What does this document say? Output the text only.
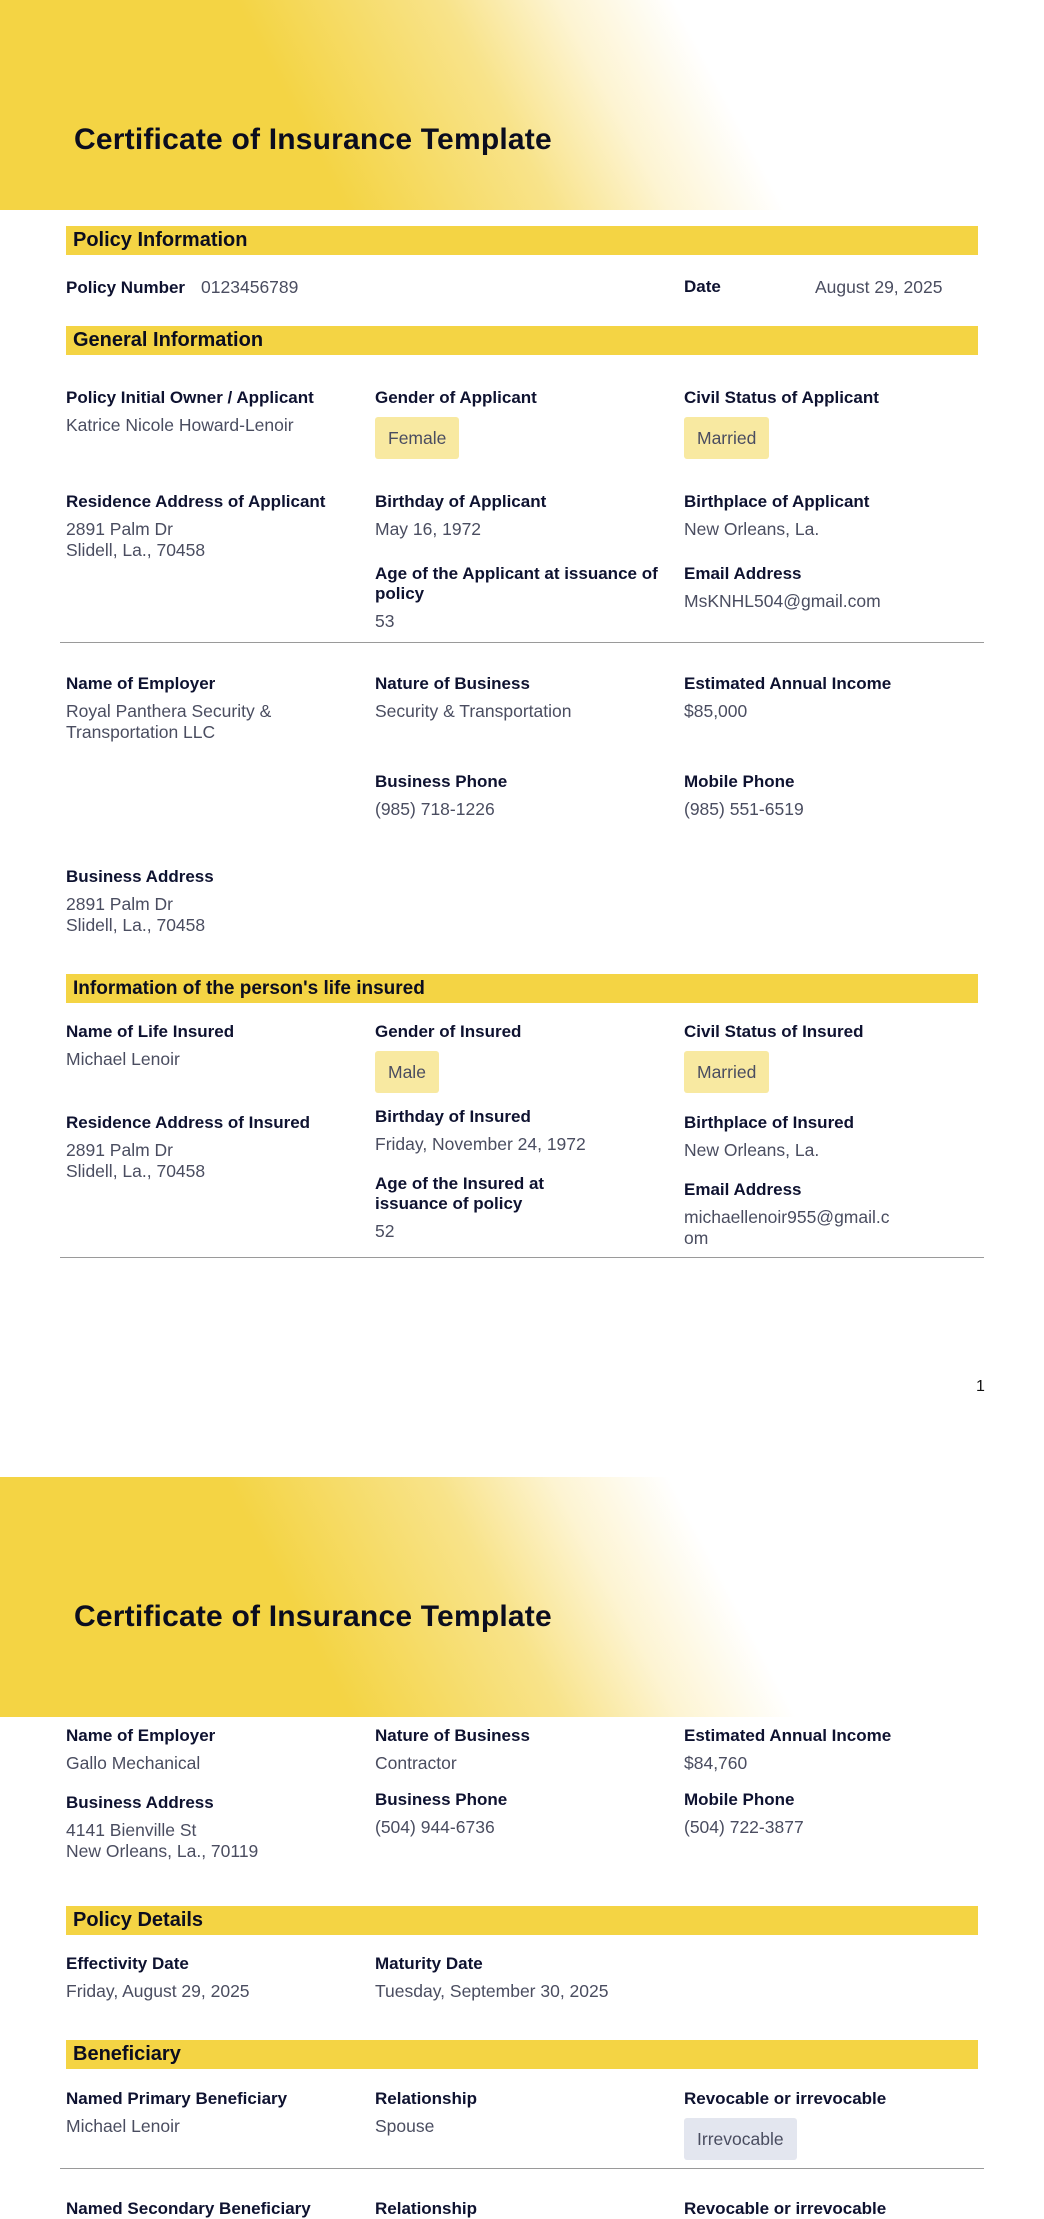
Certificate of Insurance Template
Policy Information
Policy Number 0123456789	Date	August 29, 2025
General Information
Policy Initial Owner / Applicant
Katrice Nicole Howard-Lenoir
Gender of Applicant
Female
Civil Status of Applicant
Married
Residence Address of Applicant
2891 Palm Dr
Slidell, La., 70458
Birthday of Applicant
May 16, 1972
Birthplace of Applicant
New Orleans, La.
Age of the Applicant at issuance of policy
53
Email Address
MsKNHL504@gmail.com
Name of Employer
Royal Panthera Security & Transportation LLC
Nature of Business
Security & Transportation
Estimated Annual Income
$85,000
Business Phone
(985) 718-1226
Mobile Phone
(985) 551-6519
Business Address
2891 Palm Dr
Slidell, La., 70458
Information of the person's life insured
Name of Life Insured
Michael Lenoir
Gender of Insured
Male
Civil Status of Insured
Married
Residence Address of Insured
2891 Palm Dr
Slidell, La., 70458
Birthday of Insured
Friday, November 24, 1972
Birthplace of Insured
New Orleans, La.
Age of the Insured at
issuance of policy
52
Email Address
michaellenoir955@gmail.c
om
1
Certificate of Insurance Template
Name of Employer
Gallo Mechanical
Nature of Business
Contractor
Estimated Annual Income
$84,760
Business Address
4141 Bienville St
New Orleans, La., 70119
Business Phone
(504) 944-6736
Mobile Phone
(504) 722-3877
Policy Details
Effectivity Date
Friday, August 29, 2025
Maturity Date
Tuesday, September 30, 2025
Beneficiary
Named Primary Beneficiary
Michael Lenoir
Relationship
Spouse
Revocable or irrevocable
Irrevocable
Named Secondary Beneficiary	Relationship	Revocable or irrevocable
